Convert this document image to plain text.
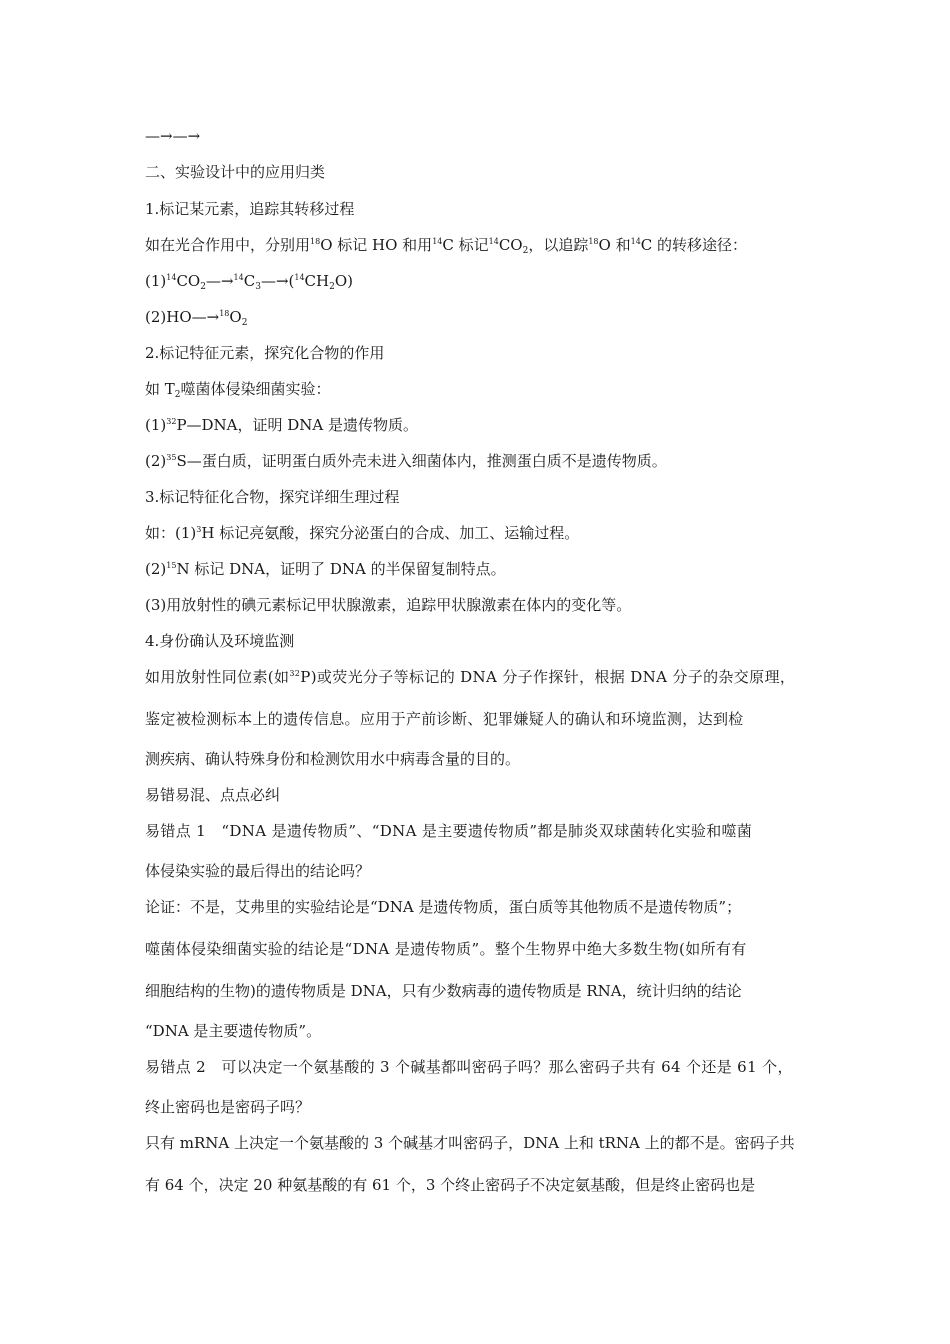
—→—→
二、实验设计中的应用归类
1.标记某元素，追踪其转移过程
如在光合作用中，分别用$^{18}$O 标记 HO 和用$^{14}$C 标记$^{14}CO_2$，以追踪$^{18}$O 和$^{14}$C 的转移途径：
$(1)^{14}CO_2—\to^{14}C_3—\to(^{14}CH_2O)$
$(2)HO—\to^{18}O_2$
2.标记特征元素，探究化合物的作用
如 $T_2$噬菌体侵染细菌实验：
$(1)^{32}P—DNA$，证明 DNA 是遗传物质。
$(2)^{35}S—$蛋白质，证明蛋白质外壳未进入细菌体内，推测蛋白质不是遗传物质。
3.标记特征化合物，探究详细生理过程
如：$(1)^3H$ 标记亮氨酸，探究分泌蛋白的合成、加工、运输过程。
$(2)^{15}N$ 标记 DNA，证明了 DNA 的半保留复制特点。
(3)用放射性的碘元素标记甲状腺激素，追踪甲状腺激素在体内的变化等。
4.身份确认及环境监测
如用放射性同位素(如$^{32}$P)或荧光分子等标记的 DNA 分子作探针，根据 DNA 分子的杂交原理，
鉴定被检测标本上的遗传信息。应用于产前诊断、犯罪嫌疑人的确认和环境监测，达到检
测疾病、确认特殊身份和检测饮用水中病毒含量的目的。
易错易混、点点必纠
易错点 1　“DNA 是遗传物质”、“DNA 是主要遗传物质”都是肺炎双球菌转化实验和噬菌
体侵染实验的最后得出的结论吗？
论证：不是，艾弗里的实验结论是“DNA 是遗传物质，蛋白质等其他物质不是遗传物质”；
噬菌体侵染细菌实验的结论是“DNA 是遗传物质”。整个生物界中绝大多数生物(如所有有
细胞结构的生物)的遗传物质是 DNA，只有少数病毒的遗传物质是 RNA，统计归纳的结论
“DNA 是主要遗传物质”。
易错点 2　可以决定一个氨基酸的 3 个碱基都叫密码子吗？那么密码子共有 64 个还是 61 个，
终止密码也是密码子吗？
只有 mRNA 上决定一个氨基酸的 3 个碱基才叫密码子，DNA 上和 tRNA 上的都不是。密码子共
有 64 个，决定 20 种氨基酸的有 61 个，3 个终止密码子不决定氨基酸，但是终止密码也是
